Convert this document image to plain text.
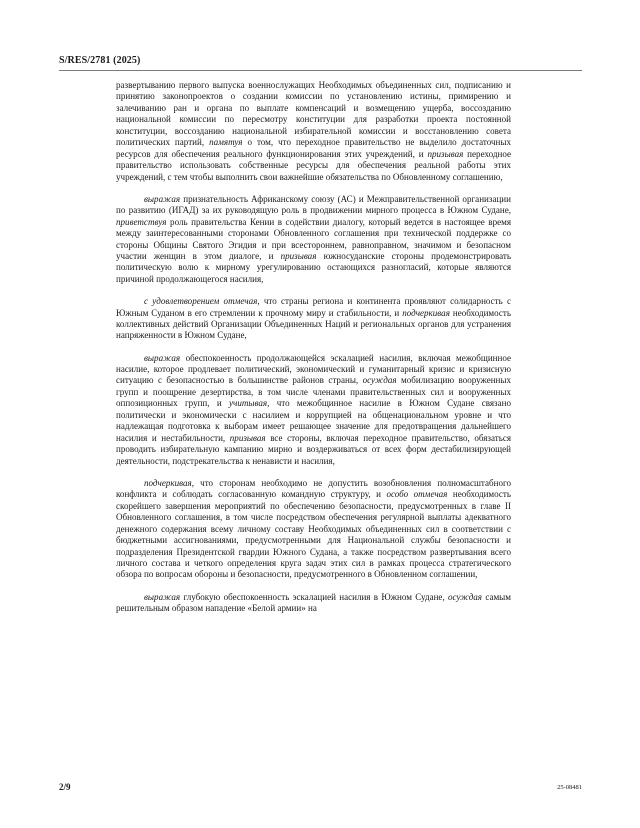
S/RES/2781 (2025)

развертыванию первого выпуска военнослужащих Необходимых объединенных сил, подписанию и принятию законопроектов о создании комиссии по установлению истины, примирению и залечиванию ран и органа по выплате компенсаций и возмещению ущерба, воссозданию национальной комиссии по пересмотру конституции для разработки проекта постоянной конституции, воссозданию национальной избирательной комиссии и восстановлению совета политических партий, памятуя о том, что переходное правительство не выделило достаточных ресурсов для обеспечения реального функционирования этих учреждений, и призывая переходное правительство использовать собственные ресурсы для обеспечения реальной работы этих учреждений, с тем чтобы выполнить свои важнейшие обязательства по Обновленному соглашению,

выражая признательность Африканскому союзу (АС) и Межправительственной организации по развитию (ИГАД) за их руководящую роль в продвижении мирного процесса в Южном Судане, приветствуя роль правительства Кении в содействии диалогу, который ведется в настоящее время между заинтересованными сторонами Обновленного соглашения при технической поддержке со стороны Общины Святого Эгидия и при всестороннем, равноправном, значимом и безопасном участии женщин в этом диалоге, и призывая южносуданские стороны продемонстрировать политическую волю к мирному урегулированию остающихся разногласий, которые являются причиной продолжающегося насилия,

с удовлетворением отмечая, что страны региона и континента проявляют солидарность с Южным Суданом в его стремлении к прочному миру и стабильности, и подчеркивая необходимость коллективных действий Организации Объединенных Наций и региональных органов для устранения напряженности в Южном Судане,

выражая обеспокоенность продолжающейся эскалацией насилия, включая межобщинное насилие, которое продлевает политический, экономический и гуманитарный кризис и кризисную ситуацию с безопасностью в большинстве районов страны, осуждая мобилизацию вооруженных групп и поощрение дезертирства, в том числе членами правительственных сил и вооруженных оппозиционных групп, и учитывая, что межобщинное насилие в Южном Судане связано политически и экономически с насилием и коррупцией на общенациональном уровне и что надлежащая подготовка к выборам имеет решающее значение для предотвращения дальнейшего насилия и нестабильности, призывая все стороны, включая переходное правительство, обязаться проводить избирательную кампанию мирно и воздерживаться от всех форм дестабилизирующей деятельности, подстрекательства к ненависти и насилия,

подчеркивая, что сторонам необходимо не допустить возобновления полномасштабного конфликта и соблюдать согласованную командную структуру, и особо отмечая необходимость скорейшего завершения мероприятий по обеспечению безопасности, предусмотренных в главе II Обновленного соглашения, в том числе посредством обеспечения регулярной выплаты адекватного денежного содержания всему личному составу Необходимых объединенных сил в соответствии с бюджетными ассигнованиями, предусмотренными для Национальной службы безопасности и подразделения Президентской гвардии Южного Судана, а также посредством развертывания всего личного состава и четкого определения круга задач этих сил в рамках процесса стратегического обзора по вопросам обороны и безопасности, предусмотренного в Обновленном соглашении,

выражая глубокую обеспокоенность эскалацией насилия в Южном Судане, осуждая самым решительным образом нападение «Белой армии» на

2/9	25-08481
